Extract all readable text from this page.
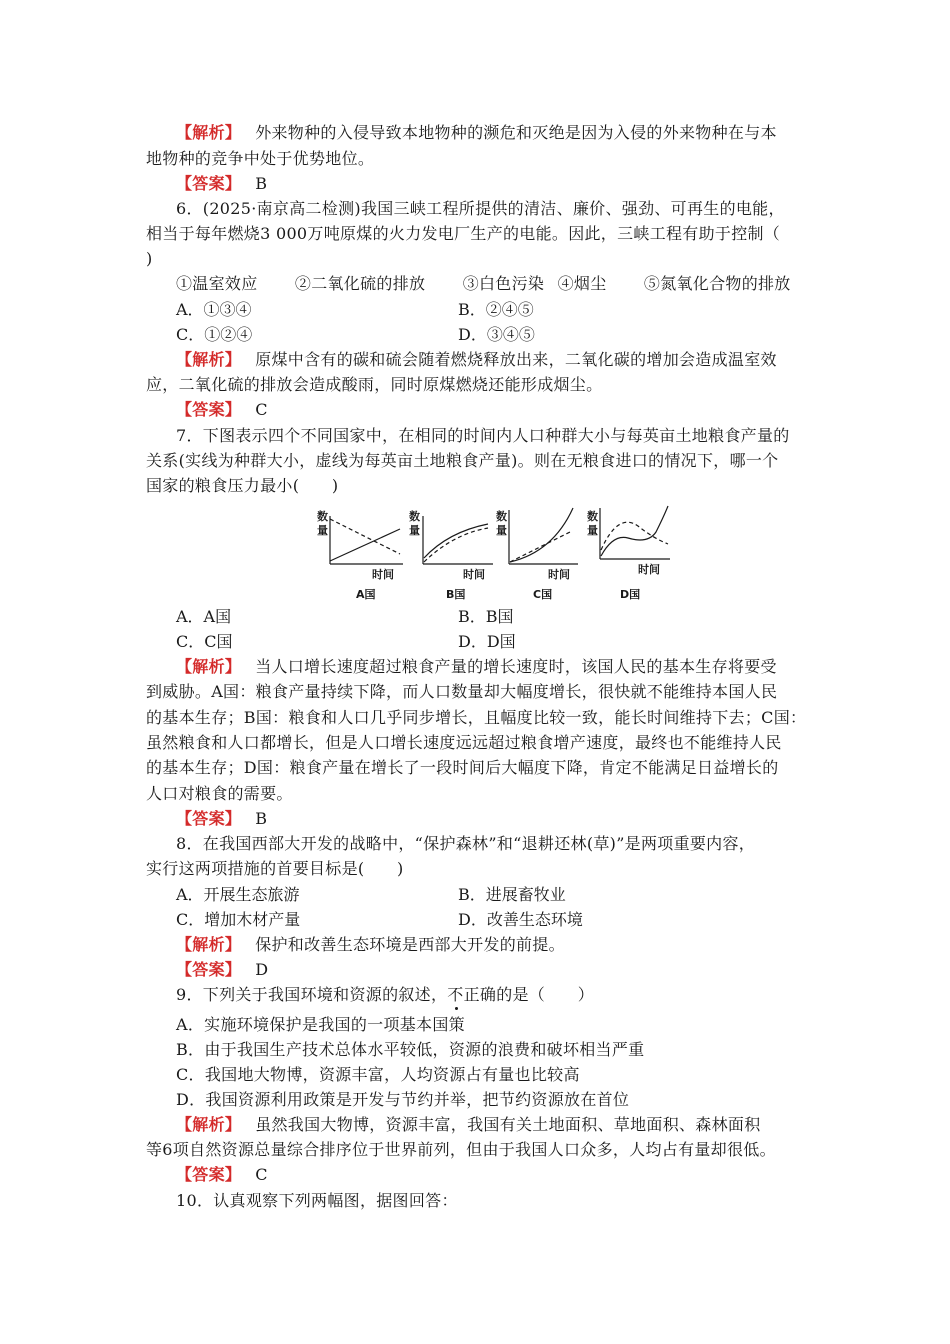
【解析】 外来物种的入侵导致本地物种的濒危和灭绝是因为入侵的外来物种在与本
地物种的竞争中处于优势地位。
【答案】 B
6．(2025·南京高二检测)我国三峡工程所提供的清洁、廉价、强劲、可再生的电能，
相当于每年燃烧3 000万吨原煤的火力发电厂生产的电能。因此，三峡工程有助于控制（
)
①温室效应 ②二氧化硫的排放 ③白色污染 ④烟尘 ⑤氮氧化合物的排放
A．①③④	B．②④⑤
C．①②④	D．③④⑤
【解析】 原煤中含有的碳和硫会随着燃烧释放出来，二氧化碳的增加会造成温室效
应，二氧化硫的排放会造成酸雨，同时原煤燃烧还能形成烟尘。
【答案】 C
7．下图表示四个不同国家中，在相同的时间内人口种群大小与每英亩土地粮食产量的
关系(实线为种群大小，虚线为每英亩土地粮食产量)。则在无粮食进口的情况下，哪一个
国家的粮食压力最小(　　)
数
量
时间
A国
数
量
时间
B国
数
量
时间
C国
数
量
时间
D国
A．A国	B．B国
C．C国	D．D国
【解析】 当人口增长速度超过粮食产量的增长速度时，该国人民的基本生存将要受
到威胁。A国：粮食产量持续下降，而人口数量却大幅度增长，很快就不能维持本国人民
的基本生存；B国：粮食和人口几乎同步增长，且幅度比较一致，能长时间维持下去；C国：
虽然粮食和人口都增长，但是人口增长速度远远超过粮食增产速度，最终也不能维持人民
的基本生存；D国：粮食产量在增长了一段时间后大幅度下降，肯定不能满足日益增长的
人口对粮食的需要。
【答案】 B
8．在我国西部大开发的战略中，“保护森林”和“退耕还林(草)”是两项重要内容，
实行这两项措施的首要目标是(　　)
A．开展生态旅游	B．进展畜牧业
C．增加木材产量	D．改善生态环境
【解析】 保护和改善生态环境是西部大开发的前提。
【答案】 D
9．下列关于我国环境和资源的叙述，不正确的是（　　）
A．实施环境保护是我国的一项基本国策
B．由于我国生产技术总体水平较低，资源的浪费和破坏相当严重
C．我国地大物博，资源丰富，人均资源占有量也比较高
D．我国资源利用政策是开发与节约并举，把节约资源放在首位
【解析】 虽然我国大物博，资源丰富，我国有关土地面积、草地面积、森林面积
等6项自然资源总量综合排序位于世界前列，但由于我国人口众多，人均占有量却很低。
【答案】 C
10．认真观察下列两幅图，据图回答：
